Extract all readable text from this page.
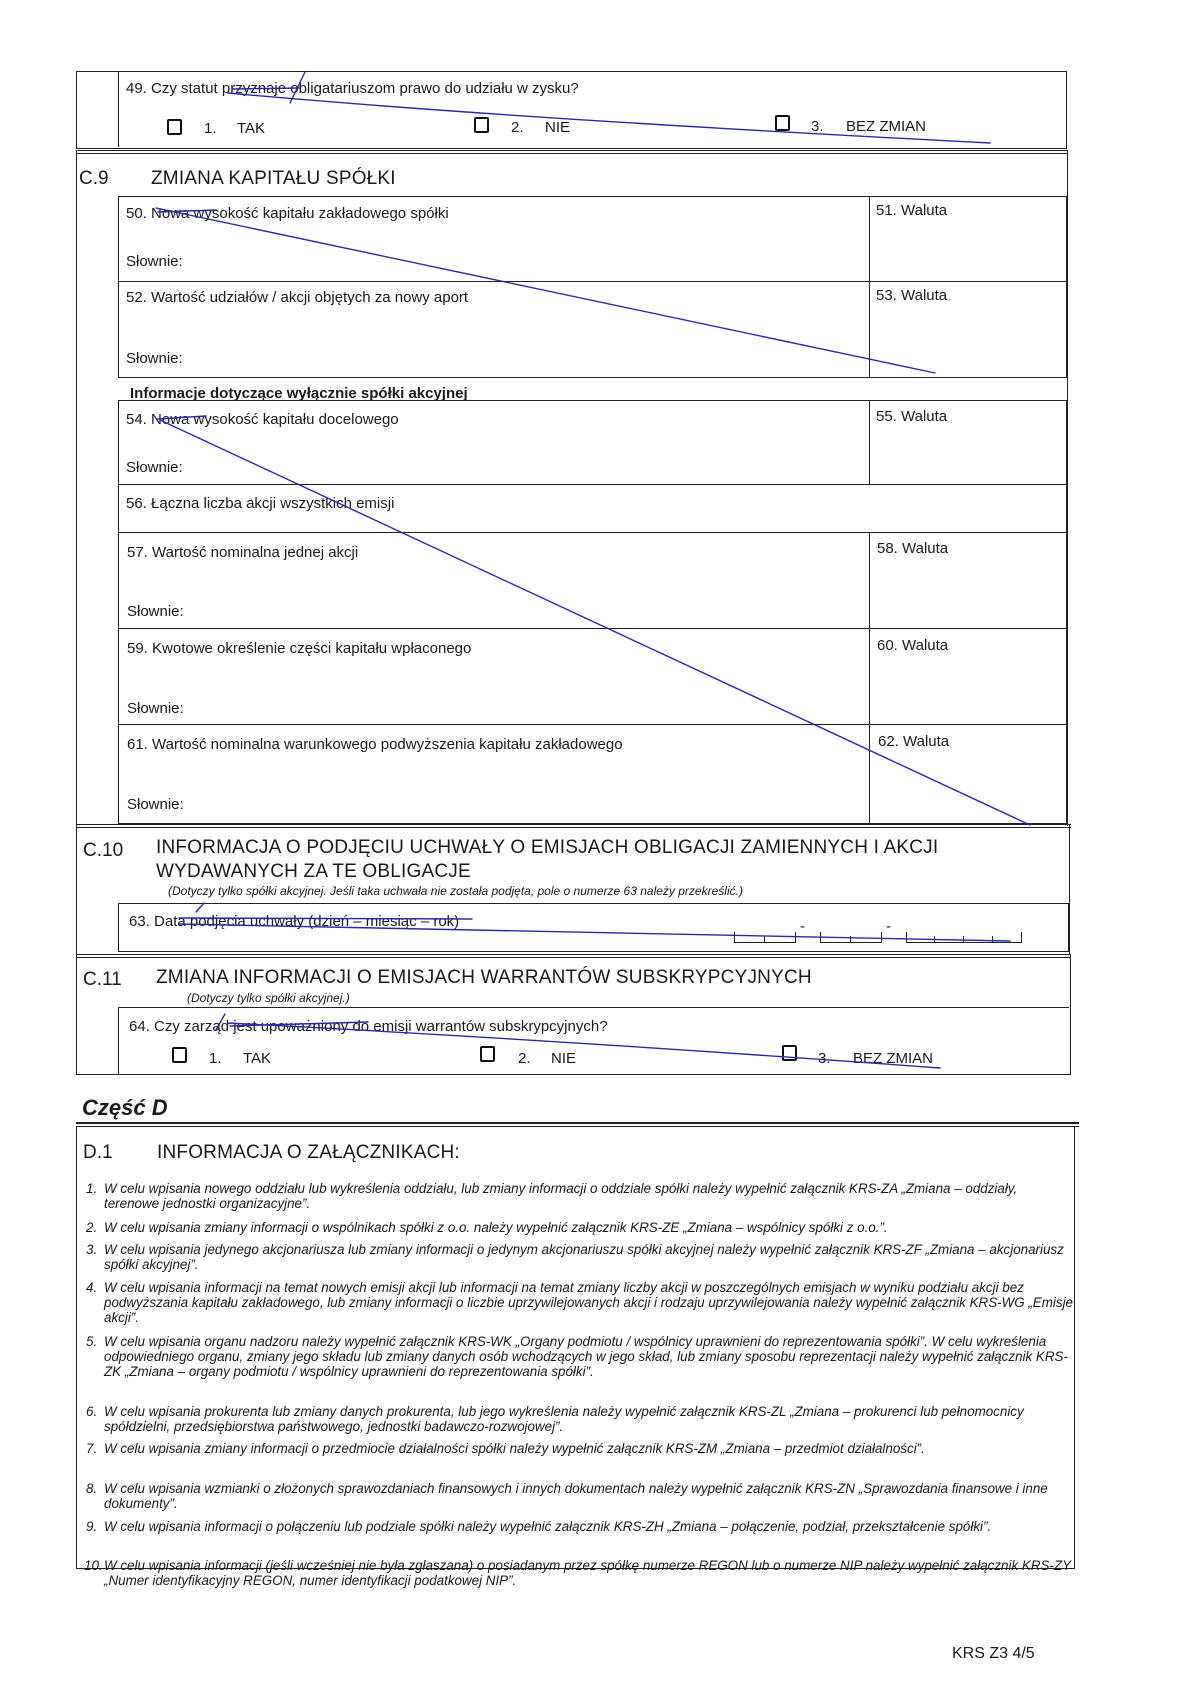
49. Czy statut przyznaje obligatariuszom prawo do udziału w zysku?
1. TAK	2. NIE	3. BEZ ZMIAN
C.9 ZMIANA KAPITAŁU SPÓŁKI
50. Nowa wysokość kapitału zakładowego spółki	51. Waluta
Słownie:
52. Wartość udziałów / akcji objętych za nowy aport	53. Waluta
Słownie:
Informacje dotyczące wyłącznie spółki akcyjnej
54. Nowa wysokość kapitału docelowego	55. Waluta
Słownie:
56. Łączna liczba akcji wszystkich emisji
57. Wartość nominalna jednej akcji	58. Waluta
Słownie:
59. Kwotowe określenie części kapitału wpłaconego	60. Waluta
Słownie:
61. Wartość nominalna warunkowego podwyższenia kapitału zakładowego	62. Waluta
Słownie:
C.10 INFORMACJA O PODJĘCIU UCHWAŁY O EMISJACH OBLIGACJI ZAMIENNYCH I AKCJI
WYDAWANYCH ZA TE OBLIGACJE
(Dotyczy tylko spółki akcyjnej. Jeśli taka uchwała nie została podjęta, pole o numerze 63 należy przekreślić.)
63. Data podjęcia uchwały (dzień – miesiąc – rok)	-	-
C.11 ZMIANA INFORMACJI O EMISJACH WARRANTÓW SUBSKRYPCYJNYCH
(Dotyczy tylko spółki akcyjnej.)
64. Czy zarząd jest upoważniony do emisji warrantów subskrypcyjnych?
1. TAK	2. NIE	3. BEZ ZMIAN
Część D
D.1 INFORMACJA O ZAŁĄCZNIKACH:
1. W celu wpisania nowego oddziału lub wykreślenia oddziału, lub zmiany informacji o oddziale spółki należy wypełnić załącznik KRS-ZA „Zmiana – oddziały, terenowe jednostki organizacyjne”.
2. W celu wpisania zmiany informacji o wspólnikach spółki z o.o. należy wypełnić załącznik KRS-ZE „Zmiana – wspólnicy spółki z o.o.”.
3. W celu wpisania jedynego akcjonariusza lub zmiany informacji o jedynym akcjonariuszu spółki akcyjnej należy wypełnić załącznik KRS-ZF „Zmiana – akcjonariusz spółki akcyjnej”.
4. W celu wpisania informacji na temat nowych emisji akcji lub informacji na temat zmiany liczby akcji w poszczególnych emisjach w wyniku podziału akcji bez podwyższania kapitału zakładowego, lub zmiany informacji o liczbie uprzywilejowanych akcji i rodzaju uprzywilejowania należy wypełnić załącznik KRS-WG „Emisje akcji”.
5. W celu wpisania organu nadzoru należy wypełnić załącznik KRS-WK „Organy podmiotu / wspólnicy uprawnieni do reprezentowania spółki”. W celu wykreślenia odpowiedniego organu, zmiany jego składu lub zmiany danych osób wchodzących w jego skład, lub zmiany sposobu reprezentacji należy wypełnić załącznik KRS-ZK „Zmiana – organy podmiotu / wspólnicy uprawnieni do reprezentowania spółki”.
6. W celu wpisania prokurenta lub zmiany danych prokurenta, lub jego wykreślenia należy wypełnić załącznik KRS-ZL „Zmiana – prokurenci lub pełnomocnicy spółdzielni, przedsiębiorstwa państwowego, jednostki badawczo-rozwojowej”.
7. W celu wpisania zmiany informacji o przedmiocie działalności spółki należy wypełnić załącznik KRS-ZM „Zmiana – przedmiot działalności”.
8. W celu wpisania wzmianki o złożonych sprawozdaniach finansowych i innych dokumentach należy wypełnić załącznik KRS-ZN „Sprawozdania finansowe i inne dokumenty”.
9. W celu wpisania informacji o połączeniu lub podziale spółki należy wypełnić załącznik KRS-ZH „Zmiana – połączenie, podział, przekształcenie spółki”.
10. W celu wpisania informacji (jeśli wcześniej nie była zgłaszana) o posiadanym przez spółkę numerze REGON lub o numerze NIP należy wypełnić załącznik KRS-ZY „Numer identyfikacyjny REGON, numer identyfikacji podatkowej NIP”.
KRS Z3 4/5
